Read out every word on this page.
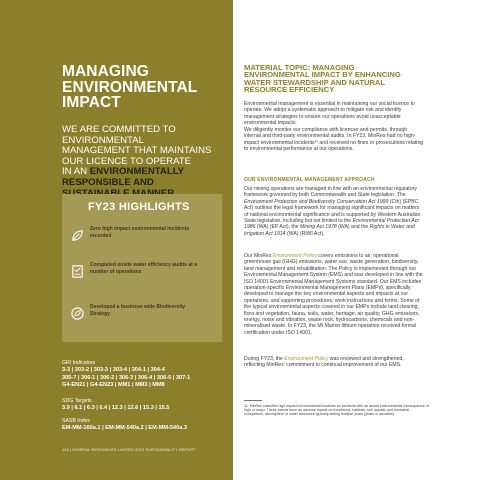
MANAGING
ENVIRONMENTAL
IMPACT
WE ARE COMMITTED TO
ENVIRONMENTAL
MANAGEMENT THAT MAINTAINS
OUR LICENCE TO OPERATE
IN AN ENVIRONMENTALLY
RESPONSIBLE AND
FY23 HIGHLIGHTS
Zero high impact environmental incidents recorded
Completed onsite water efficiency audits at a number of operations
Developed a business wide Biodiversity Strategy
GRI Indicators
3-3 | 303-2 | 303-3 | 303-4 | 304-1 | 304-4
305-7 | 306-1 | 306-2 | 306-3 | 306-4 | 306-5 | 307-1
G4-EN21 | G4-EN23 | MM1 | MM3 | MM8
SDG Targets
3.9 | 6.1 | 6.3 | 6.4 | 12.3 | 12.6 | 15.3 | 15.5
SASB Index
EM-MM-160a.1 | EM-MM-540a.2 | EM-MM-540a.3
126 | MINERAL RESOURCES LIMITED 2023 SUSTAINABILITY REPORT
MATERIAL TOPIC: MANAGING
ENVIRONMENTAL IMPACT BY ENHANCING
WATER STEWARDSHIP AND NATURAL
RESOURCE EFFICIENCY
Environmental management is essential in maintaining our social licence to operate. We adopt a systematic approach to mitigate risk and identify management strategies to ensure our operations avoid unacceptable environmental impacts.
We diligently monitor our compliance with licences and permits, through internal and third-party environmental audits. In FY23, MinRes had no high-impact environmental incidents¹¹ and received no fines or prosecutions relating to environmental performance at our operations.
OUR ENVIRONMENTAL MANAGEMENT APPROACH
Our mining operations are managed in line with an environmental regulatory framework governed by both Commonwealth and State legislation. The Environment Protection and Biodiversity Conservation Act 1999 (Cth) (EPBC Act) outlines the legal framework for managing significant impacts on matters of national environmental significance and is supported by Western Australian State legislation, including but not limited to the Environmental Protection Act 1986 (WA) (EP Act), the Mining Act 1978 (WA) and the Rights in Water and Irrigation Act 1914 (WA) (RiWI Act).
Our MinRes Environment Policy covers emissions to air, operational greenhouse gas (GHG) emissions, water use, waste generation, biodiversity, land management and rehabilitation. The Policy is implemented through our Environmental Management System (EMS) and was developed in line with the ISO 14001 Environmental Management Systems standard. Our EMS includes operation-specific Environmental Management Plans (EMPs), specifically developed to manage the key environmental aspects and impacts at our operations, and supporting procedures, work instructions and forms. Some of the typical environmental aspects covered in our EMPs include land clearing, flora and vegetation, fauna, soils, water, heritage, air quality, GHG emissions, energy, noise and vibration, waste rock, hydrocarbons, chemicals and non-mineralised waste. In FY23, the Mt Marion lithium operation received formal certification under ISO 14001.
During FY23, the Environment Policy was reviewed and strengthened, reflecting MinRes' commitment to continual improvement of our EMS.
11. MinRes classifies high-impact environmental incidents as incidents with an actual environmental consequence of high or major. These events have an adverse impact on flora/fauna, habitats, soil, aquatic and terrestrial ecosystems, atmosphere or water resources typically lasting multiple years (years or decades).
